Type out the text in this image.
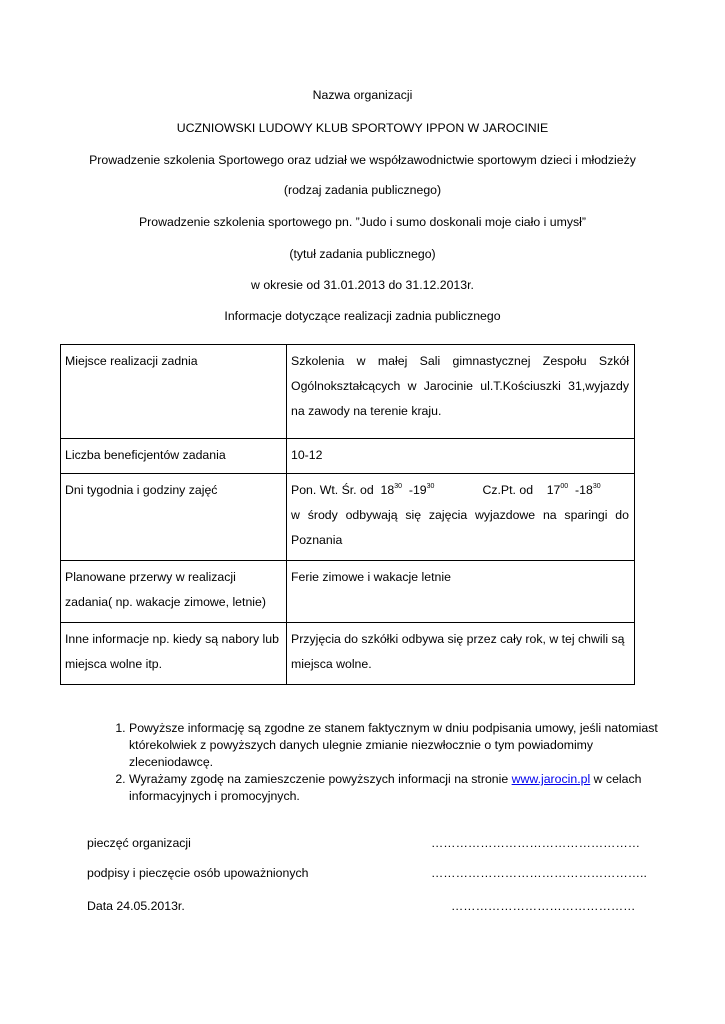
Nazwa organizacji
UCZNIOWSKI LUDOWY KLUB SPORTOWY IPPON W JAROCINIE
Prowadzenie szkolenia Sportowego oraz udział we współzawodnictwie sportowym dzieci i młodzieży
(rodzaj zadania publicznego)
Prowadzenie szkolenia sportowego pn. ”Judo i sumo doskonali moje ciało i umysł”
(tytuł zadania publicznego)
w okresie od 31.01.2013 do 31.12.2013r.
Informacje dotyczące realizacji zadnia publicznego
Miejsce realizacji zadnia	Szkolenia w małej Sali gimnastycznej Zespołu Szkół Ogólnokształcących w Jarocinie ul.T.Kościuszki 31,wyjazdy na zawody na terenie kraju.
Liczba beneficjentów zadania	10-12
Dni tygodnia i godziny zajęć	Pon. Wt. Śr. od $18^{30}$  $-19^{30}$ Cz.Pt. od $17^{00}$  $-18^{30}$
w środy odbywają się zajęcia wyjazdowe na sparingi do Poznania

Planowane przerwy w realizacji zadania( np. wakacje zimowe, letnie)	Ferie zimowe i wakacje letnie
Inne informacje np. kiedy są nabory lub miejsca wolne itp.	Przyjęcia do szkółki odbywa się przez cały rok, w tej chwili są miejsca wolne.
1. Powyższe informację są zgodne ze stanem faktycznym w dniu podpisania umowy, jeśli natomiast którekolwiek z powyższych danych ulegnie zmianie niezwłocznie o tym powiadomimy zleceniodawcę.
2. Wyrażamy zgodę na zamieszczenie powyższych informacji na stronie www.jarocin.pl w celach informacyjnych i promocyjnych.
pieczęć organizacji	……………………………………………
podpisy i pieczęcie osób upoważnionych	……………………………………………..
Data 24.05.2013r.	………………………………………
